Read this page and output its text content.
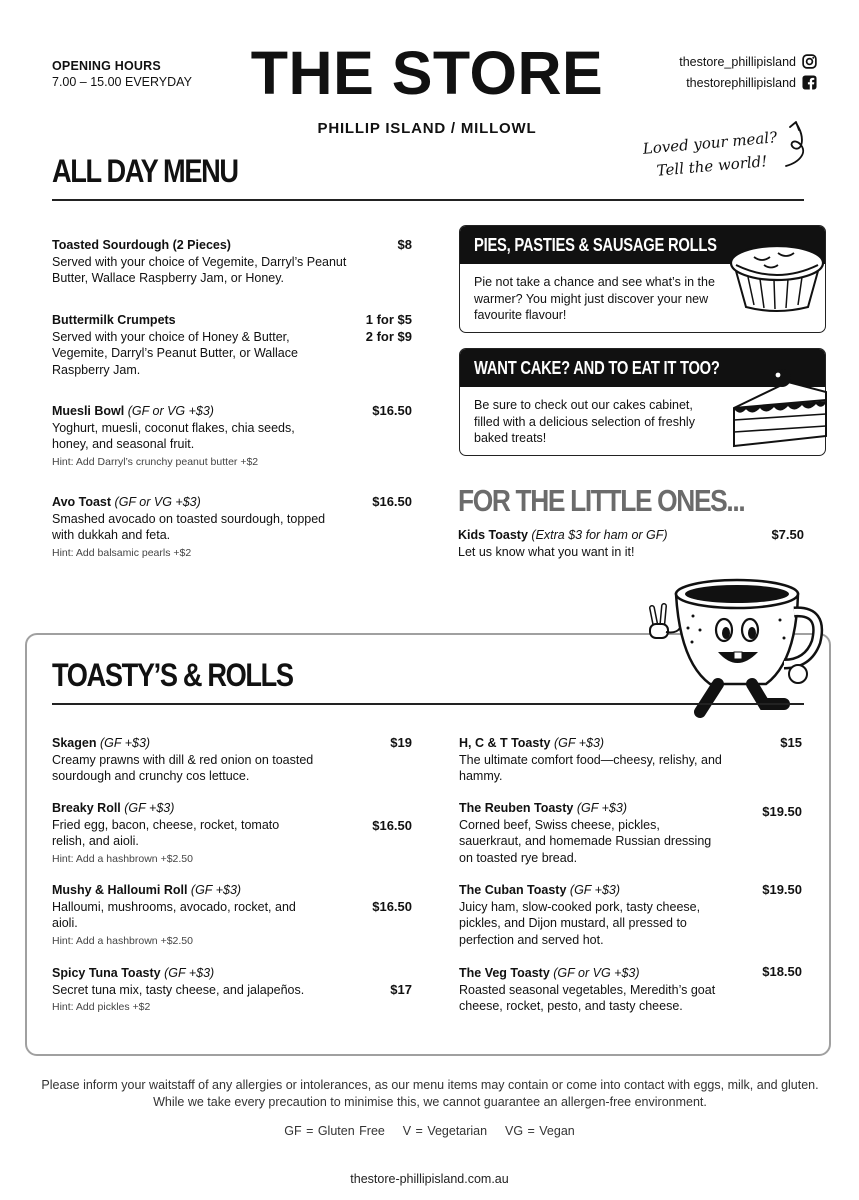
OPENING HOURS
7.00 – 15.00 EVERYDAY THE STORE
PHILLIP ISLAND / MILLOWL
thestore_phillipisland
thestorephillipisland
Loved your meal?
Tell the world!
ALL DAY MENU
Toasted Sourdough (2 Pieces)
Served with your choice of Vegemite, Darryl’s Peanut Butter, Wallace Raspberry Jam, or Honey.
$8
Buttermilk Crumpets
Served with your choice of Honey & Butter, Vegemite, Darryl’s Peanut Butter, or Wallace Raspberry Jam.
1 for $5
2 for $9
Muesli Bowl (GF or VG +$3)
Yoghurt, muesli, coconut flakes, chia seeds, honey, and seasonal fruit.
Hint: Add Darryl’s crunchy peanut butter +$2
$16.50
Avo Toast (GF or VG +$3)
Smashed avocado on toasted sourdough, topped with dukkah and feta.
Hint: Add balsamic pearls +$2
$16.50
PIES, PASTIES & SAUSAGE ROLLS
Pie not take a chance and see what’s in the warmer? You might just discover your new favourite flavour!
WANT CAKE? AND TO EAT IT TOO?
Be sure to check out our cakes cabinet, filled with a delicious selection of freshly baked treats!
FOR THE LITTLE ONES...
Kids Toasty (Extra $3 for ham or GF)
Let us know what you want in it!
$7.50
TOASTY’S & ROLLS
Skagen (GF +$3)
Creamy prawns with dill & red onion on toasted sourdough and crunchy cos lettuce.
$19
Breaky Roll (GF +$3)
Fried egg, bacon, cheese, rocket, tomato relish, and aioli.
Hint: Add a hashbrown +$2.50
$16.50
Mushy & Halloumi Roll (GF +$3)
Halloumi, mushrooms, avocado, rocket, and aioli.
Hint: Add a hashbrown +$2.50
$16.50
Spicy Tuna Toasty (GF +$3)
Secret tuna mix, tasty cheese, and jalapeños.
Hint: Add pickles +$2
$17
H, C & T Toasty (GF +$3)
The ultimate comfort food—cheesy, relishy, and hammy.
$15
The Reuben Toasty (GF +$3)
Corned beef, Swiss cheese, pickles, sauerkraut, and homemade Russian dressing on toasted rye bread.
$19.50
The Cuban Toasty (GF +$3)
Juicy ham, slow-cooked pork, tasty cheese, pickles, and Dijon mustard, all pressed to perfection and served hot.
$19.50
The Veg Toasty (GF or VG +$3)
Roasted seasonal vegetables, Meredith’s goat cheese, rocket, pesto, and tasty cheese.
$18.50
Please inform your waitstaff of any allergies or intolerances, as our menu items may contain or come into contact with eggs, milk, and gluten. While we take every precaution to minimise this, we cannot guarantee an allergen-free environment.
GF = Gluten Free    V = Vegetarian    VG = Vegan
thestore-phillipisland.com.au
